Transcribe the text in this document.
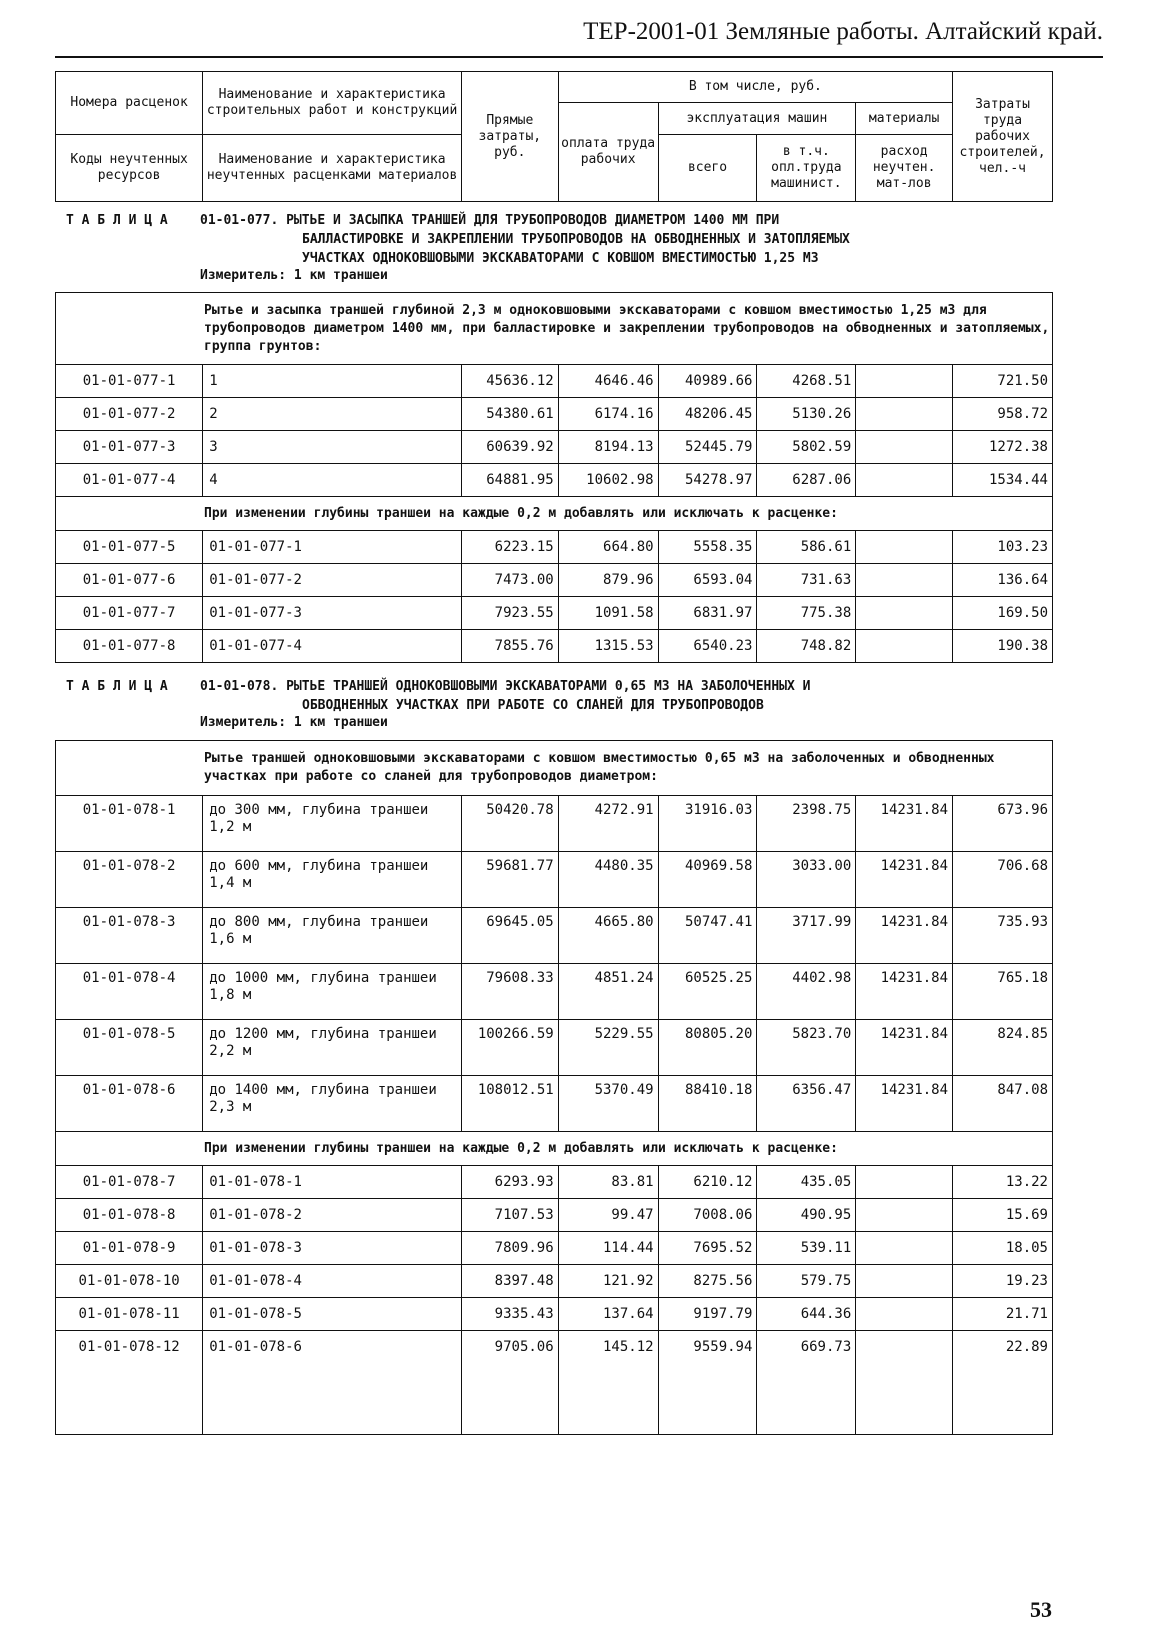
ТЕР-2001-01 Земляные работы. Алтайский край.
Номера расценок	Наименование и характеристика строительных работ и конструкций	Прямые затраты, руб.	В том числе, руб.				Затраты труда рабочих строителей, чел.-ч
			оплата труда рабочих	эксплуатация машин		материалы	
Коды неучтенных ресурсов	Наименование и характеристика неучтенных расценками материалов			всего	в т.ч. опл.труда машинист.	расход неучтен. мат-лов	

Т А Б Л И Ц А 01-01-077. РЫТЬЕ И ЗАСЫПКА ТРАНШЕЙ ДЛЯ ТРУБОПРОВОДОВ ДИАМЕТРОМ 1400 ММ ПРИ
БАЛЛАСТИРОВКЕ И ЗАКРЕПЛЕНИИ ТРУБОПРОВОДОВ НА ОБВОДНЕННЫХ И ЗАТОПЛЯЕМЫХ
УЧАСТКАХ ОДНОКОВШОВЫМИ ЭКСКАВАТОРАМИ С КОВШОМ ВМЕСТИМОСТЬЮ 1,25 М3
Измеритель: 1 км траншеи
Рытье и засыпка траншей глубиной 2,3 м одноковшовыми экскаваторами с ковшом вместимостью 1,25 м3 для трубопроводов диаметром 1400 мм, при балластировке и закреплении трубопроводов на обводненных и затопляемых, группа грунтов:							
01-01-077-1	1	45636.12	4646.46	40989.66	4268.51		721.50
01-01-077-2	2	54380.61	6174.16	48206.45	5130.26		958.72
01-01-077-3	3	60639.92	8194.13	52445.79	5802.59		1272.38
01-01-077-4	4	64881.95	10602.98	54278.97	6287.06		1534.44
При изменении глубины траншеи на каждые 0,2 м добавлять или исключать к расценке:							
01-01-077-5	01-01-077-1	6223.15	664.80	5558.35	586.61		103.23
01-01-077-6	01-01-077-2	7473.00	879.96	6593.04	731.63		136.64
01-01-077-7	01-01-077-3	7923.55	1091.58	6831.97	775.38		169.50
01-01-077-8	01-01-077-4	7855.76	1315.53	6540.23	748.82		190.38
Т А Б Л И Ц А 01-01-078. РЫТЬЕ ТРАНШЕЙ ОДНОКОВШОВЫМИ ЭКСКАВАТОРАМИ 0,65 М3 НА ЗАБОЛОЧЕННЫХ И
ОБВОДНЕННЫХ УЧАСТКАХ ПРИ РАБОТЕ СО СЛАНЕЙ ДЛЯ ТРУБОПРОВОДОВ
Измеритель: 1 км траншеи
Рытье траншей одноковшовыми экскаваторами с ковшом вместимостью 0,65 м3 на заболоченных и обводненных участках при работе со сланей для трубопроводов диаметром:							
01-01-078-1	до 300 мм, глубина траншеи 1,2 м	50420.78	4272.91	31916.03	2398.75	14231.84	673.96
01-01-078-2	до 600 мм, глубина траншеи 1,4 м	59681.77	4480.35	40969.58	3033.00	14231.84	706.68
01-01-078-3	до 800 мм, глубина траншеи 1,6 м	69645.05	4665.80	50747.41	3717.99	14231.84	735.93
01-01-078-4	до 1000 мм, глубина траншеи 1,8 м	79608.33	4851.24	60525.25	4402.98	14231.84	765.18
01-01-078-5	до 1200 мм, глубина траншеи 2,2 м	100266.59	5229.55	80805.20	5823.70	14231.84	824.85
01-01-078-6	до 1400 мм, глубина траншеи 2,3 м	108012.51	5370.49	88410.18	6356.47	14231.84	847.08
При изменении глубины траншеи на каждые 0,2 м добавлять или исключать к расценке:							
01-01-078-7	01-01-078-1	6293.93	83.81	6210.12	435.05		13.22
01-01-078-8	01-01-078-2	7107.53	99.47	7008.06	490.95		15.69
01-01-078-9	01-01-078-3	7809.96	114.44	7695.52	539.11		18.05
01-01-078-10	01-01-078-4	8397.48	121.92	8275.56	579.75		19.23
01-01-078-11	01-01-078-5	9335.43	137.64	9197.79	644.36		21.71
01-01-078-12	01-01-078-6	9705.06	145.12	9559.94	669.73		22.89
53
